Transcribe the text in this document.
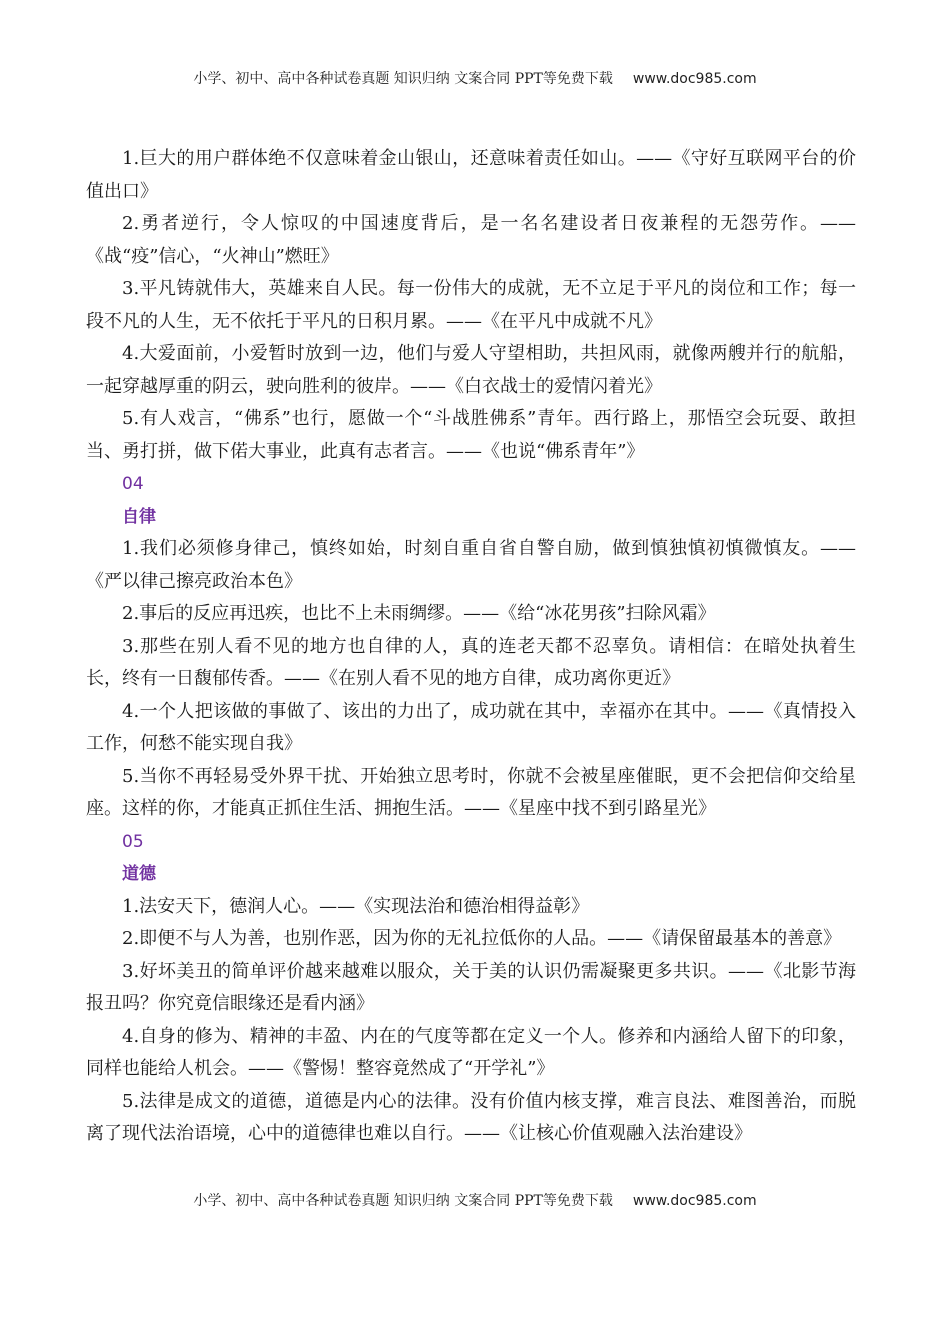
小学、初中、高中各种试卷真题 知识归纳 文案合同 PPT等免费下载 www.doc985.com

1.巨大的用户群体绝不仅意味着金山银山，还意味着责任如山。——《守好互联网平台的价值出口》

2.勇者逆行，令人惊叹的中国速度背后，是一名名建设者日夜兼程的无怨劳作。——《战“疫”信心，“火神山”燃旺》

3.平凡铸就伟大，英雄来自人民。每一份伟大的成就，无不立足于平凡的岗位和工作；每一段不凡的人生，无不依托于平凡的日积月累。——《在平凡中成就不凡》

4.大爱面前，小爱暂时放到一边，他们与爱人守望相助，共担风雨，就像两艘并行的航船，一起穿越厚重的阴云，驶向胜利的彼岸。——《白衣战士的爱情闪着光》

5.有人戏言，“佛系”也行，愿做一个“斗战胜佛系”青年。西行路上，那悟空会玩耍、敢担当、勇打拼，做下偌大事业，此真有志者言。——《也说“佛系青年”》

04

自律

1.我们必须修身律己，慎终如始，时刻自重自省自警自励，做到慎独慎初慎微慎友。——《严以律己擦亮政治本色》

2.事后的反应再迅疾，也比不上未雨绸缪。——《给“冰花男孩”扫除风霜》

3.那些在别人看不见的地方也自律的人，真的连老天都不忍辜负。请相信：在暗处执着生长，终有一日馥郁传香。——《在别人看不见的地方自律，成功离你更近》

4.一个人把该做的事做了、该出的力出了，成功就在其中，幸福亦在其中。——《真情投入工作，何愁不能实现自我》

5.当你不再轻易受外界干扰、开始独立思考时，你就不会被星座催眠，更不会把信仰交给星座。这样的你，才能真正抓住生活、拥抱生活。——《星座中找不到引路星光》

05

道德

1.法安天下，德润人心。——《实现法治和德治相得益彰》

2.即便不与人为善，也别作恶，因为你的无礼拉低你的人品。——《请保留最基本的善意》

3.好坏美丑的简单评价越来越难以服众，关于美的认识仍需凝聚更多共识。——《北影节海报丑吗？你究竟信眼缘还是看内涵》

4.自身的修为、精神的丰盈、内在的气度等都在定义一个人。修养和内涵给人留下的印象，同样也能给人机会。——《警惕！整容竟然成了“开学礼”》

5.法律是成文的道德，道德是内心的法律。没有价值内核支撑，难言良法、难图善治，而脱离了现代法治语境，心中的道德律也难以自行。——《让核心价值观融入法治建设》

小学、初中、高中各种试卷真题 知识归纳 文案合同 PPT等免费下载 www.doc985.com
